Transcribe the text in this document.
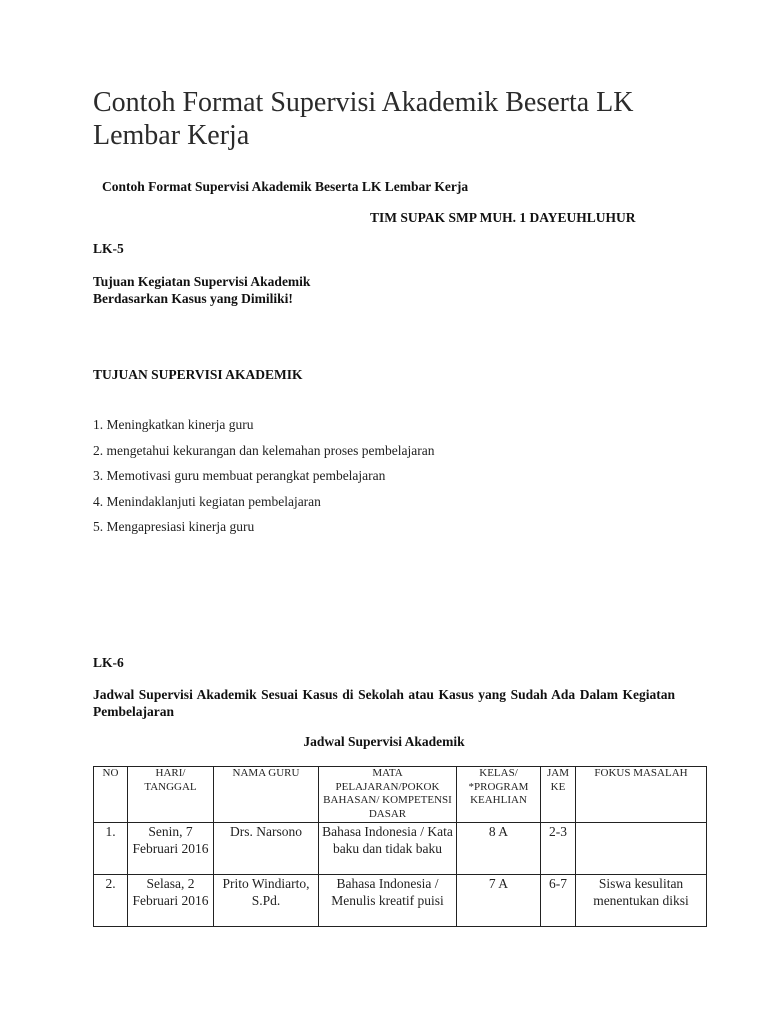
Contoh Format Supervisi Akademik Beserta LK Lembar Kerja
Contoh Format Supervisi Akademik Beserta LK Lembar Kerja
TIM SUPAK SMP MUH. 1 DAYEUHLUHUR
LK-5
Tujuan Kegiatan Supervisi Akademik
Berdasarkan Kasus yang Dimiliki!
TUJUAN SUPERVISI AKADEMIK
1. Meningkatkan kinerja guru
2. mengetahui kekurangan dan kelemahan proses pembelajaran
3. Memotivasi guru membuat perangkat pembelajaran
4. Menindaklanjuti kegiatan pembelajaran
5. Mengapresiasi kinerja guru
LK-6
Jadwal Supervisi Akademik Sesuai Kasus di Sekolah atau Kasus yang Sudah Ada Dalam Kegiatan Pembelajaran
Jadwal Supervisi Akademik
NO	HARI/ TANGGAL	NAMA GURU	MATA PELAJARAN/POKOK BAHASAN/ KOMPETENSI DASAR	KELAS/ *PROGRAM KEAHLIAN	JAM KE	FOKUS MASALAH
1.	Senin, 7 Februari 2016	Drs. Narsono	Bahasa Indonesia / Kata baku dan tidak baku	8 A	2-3	
2.	Selasa, 2 Februari 2016	Prito Windiarto, S.Pd.	Bahasa Indonesia / Menulis kreatif puisi	7 A	6-7	Siswa kesulitan menentukan diksi
